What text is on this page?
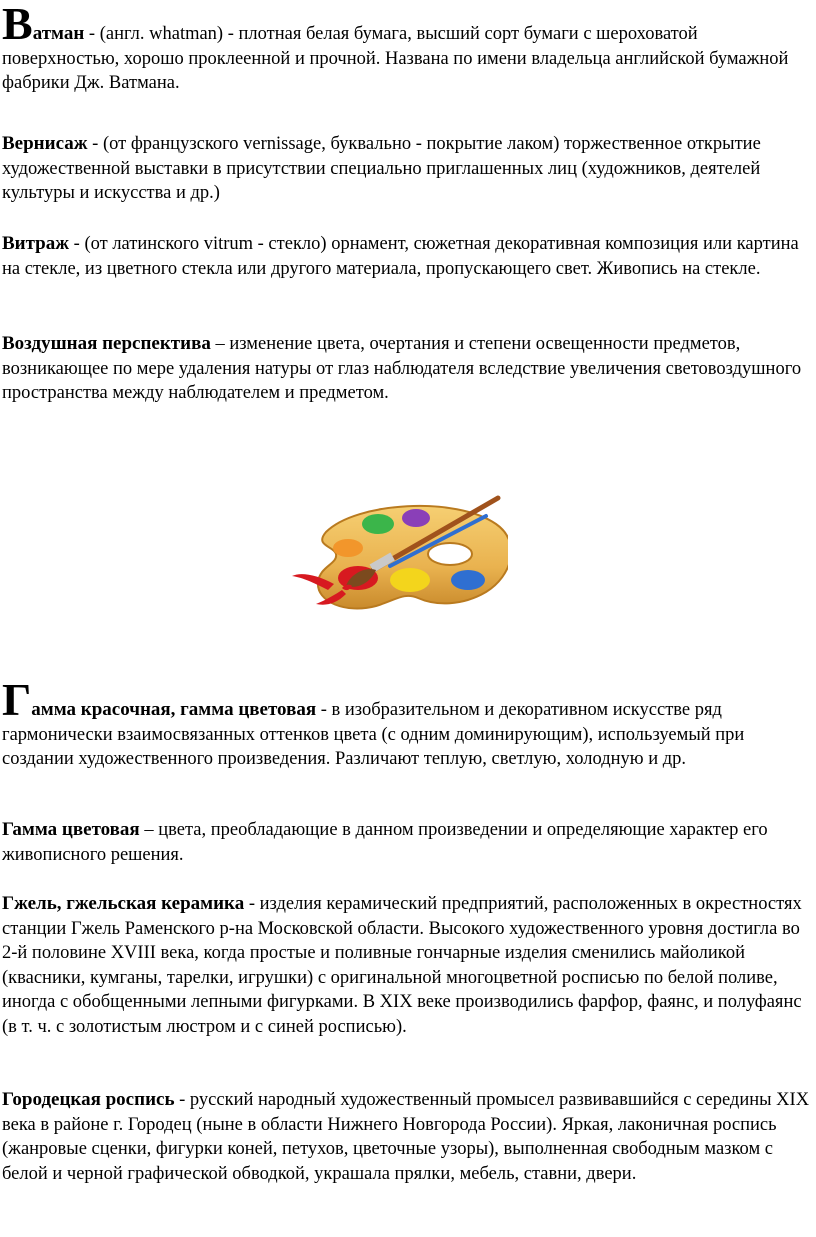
Ватман - (англ. whatman) - плотная белая бумага, высший сорт бумаги с шероховатой поверхностью, хорошо проклеенной и прочной. Названа по имени владельца английской бумажной фабрики Дж. Ватмана.
Вернисаж - (от французского vernissage, буквально - покрытие лаком) торжественное открытие художественной выставки в присутствии специально приглашенных лиц (художников, деятелей культуры и искусства и др.)
Витраж - (от латинского vitrum - стекло) орнамент, сюжетная декоративная композиция или картина на стекле, из цветного стекла или другого материала, пропускающего свет. Живопись на стекле.
Воздушная перспектива – изменение цвета, очертания и степени освещенности предметов, возникающее по мере удаления натуры от глаз наблюдателя вследствие увеличения световоздушного пространства между наблюдателем и предметом.
Гамма красочная, гамма цветовая - в изобразительном и декоративном искусстве ряд гармонически взаимосвязанных оттенков цвета (с одним доминирующим), используемый при создании художественного произведения. Различают теплую, светлую, холодную и др.
Гамма цветовая – цвета, преобладающие в данном произведении и определяющие характер его живописного решения.
Гжель, гжельская керамика - изделия керамический предприятий, расположенных в окрестностях станции Гжель Раменского р-на Московской области. Высокого художественного уровня достигла во 2-й половине XVIII века, когда простые и поливные гончарные изделия сменились майоликой (квасники, кумганы, тарелки, игрушки) с оригинальной многоцветной росписью по белой поливе, иногда с обобщенными лепными фигурками. В XIX веке производились фарфор, фаянс, и полуфаянс (в т. ч. с золотистым люстром и с синей росписью).
Городецкая роспись - русский народный художественный промысел развивавшийся с середины XIX века в районе г. Городец (ныне в области Нижнего Новгорода России). Яркая, лаконичная роспись (жанровые сценки, фигурки коней, петухов, цветочные узоры), выполненная свободным мазком с белой и черной графической обводкой, украшала прялки, мебель, ставни, двери.
